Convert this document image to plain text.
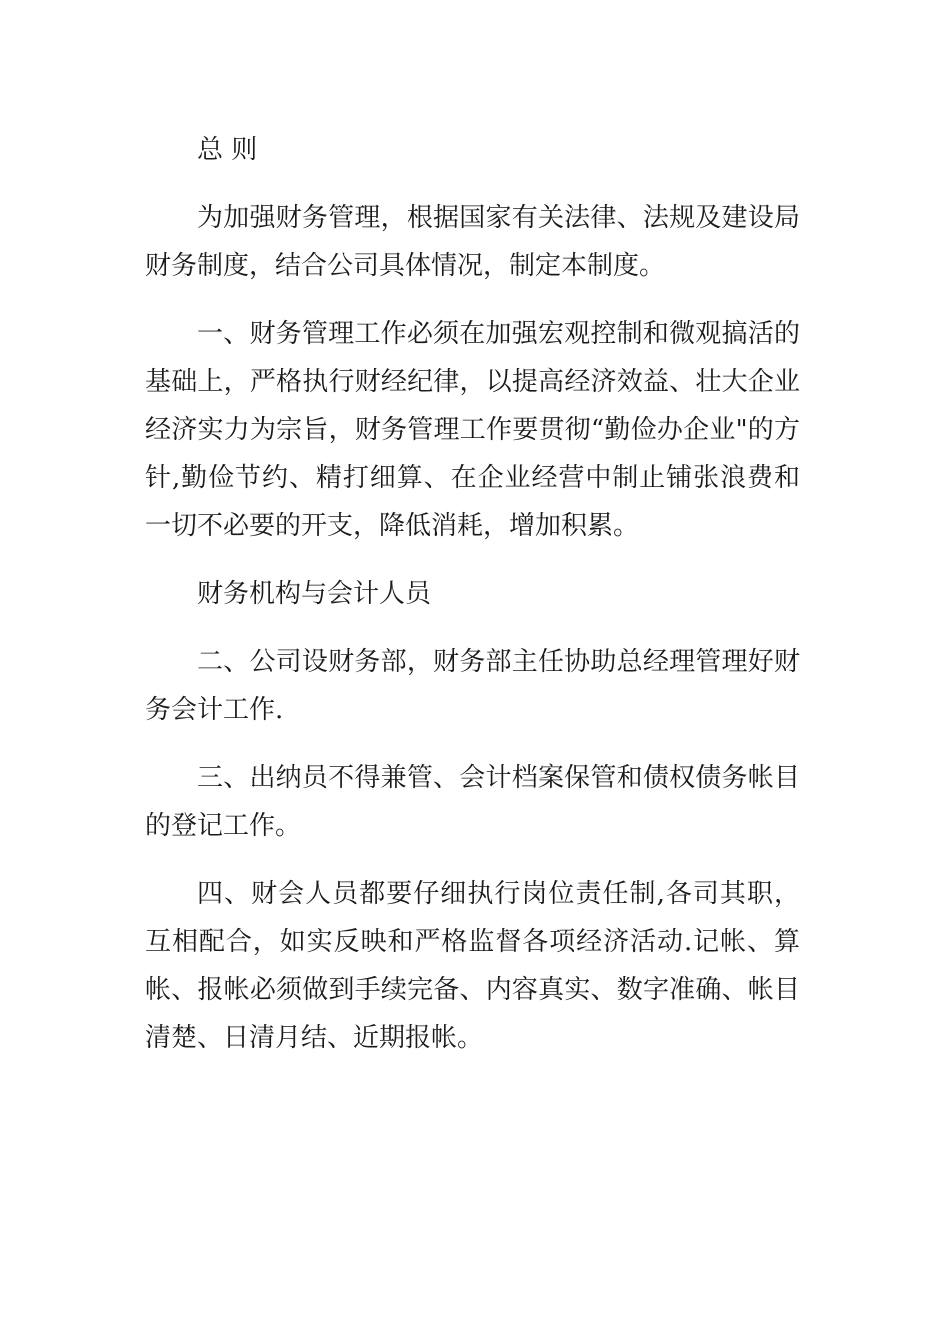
总 则

为加强财务管理，根据国家有关法律、法规及建设局财务制度，结合公司具体情况，制定本制度。

一、财务管理工作必须在加强宏观控制和微观搞活的基础上，严格执行财经纪律，以提高经济效益、壮大企业经济实力为宗旨，财务管理工作要贯彻“勤俭办企业"的方针,勤俭节约、精打细算、在企业经营中制止铺张浪费和一切不必要的开支，降低消耗，增加积累。

财务机构与会计人员

二、公司设财务部，财务部主任协助总经理管理好财务会计工作.

三、出纳员不得兼管、会计档案保管和债权债务帐目的登记工作。

四、财会人员都要仔细执行岗位责任制,各司其职，互相配合，如实反映和严格监督各项经济活动.记帐、算帐、报帐必须做到手续完备、内容真实、数字准确、帐目清楚、日清月结、近期报帐。
